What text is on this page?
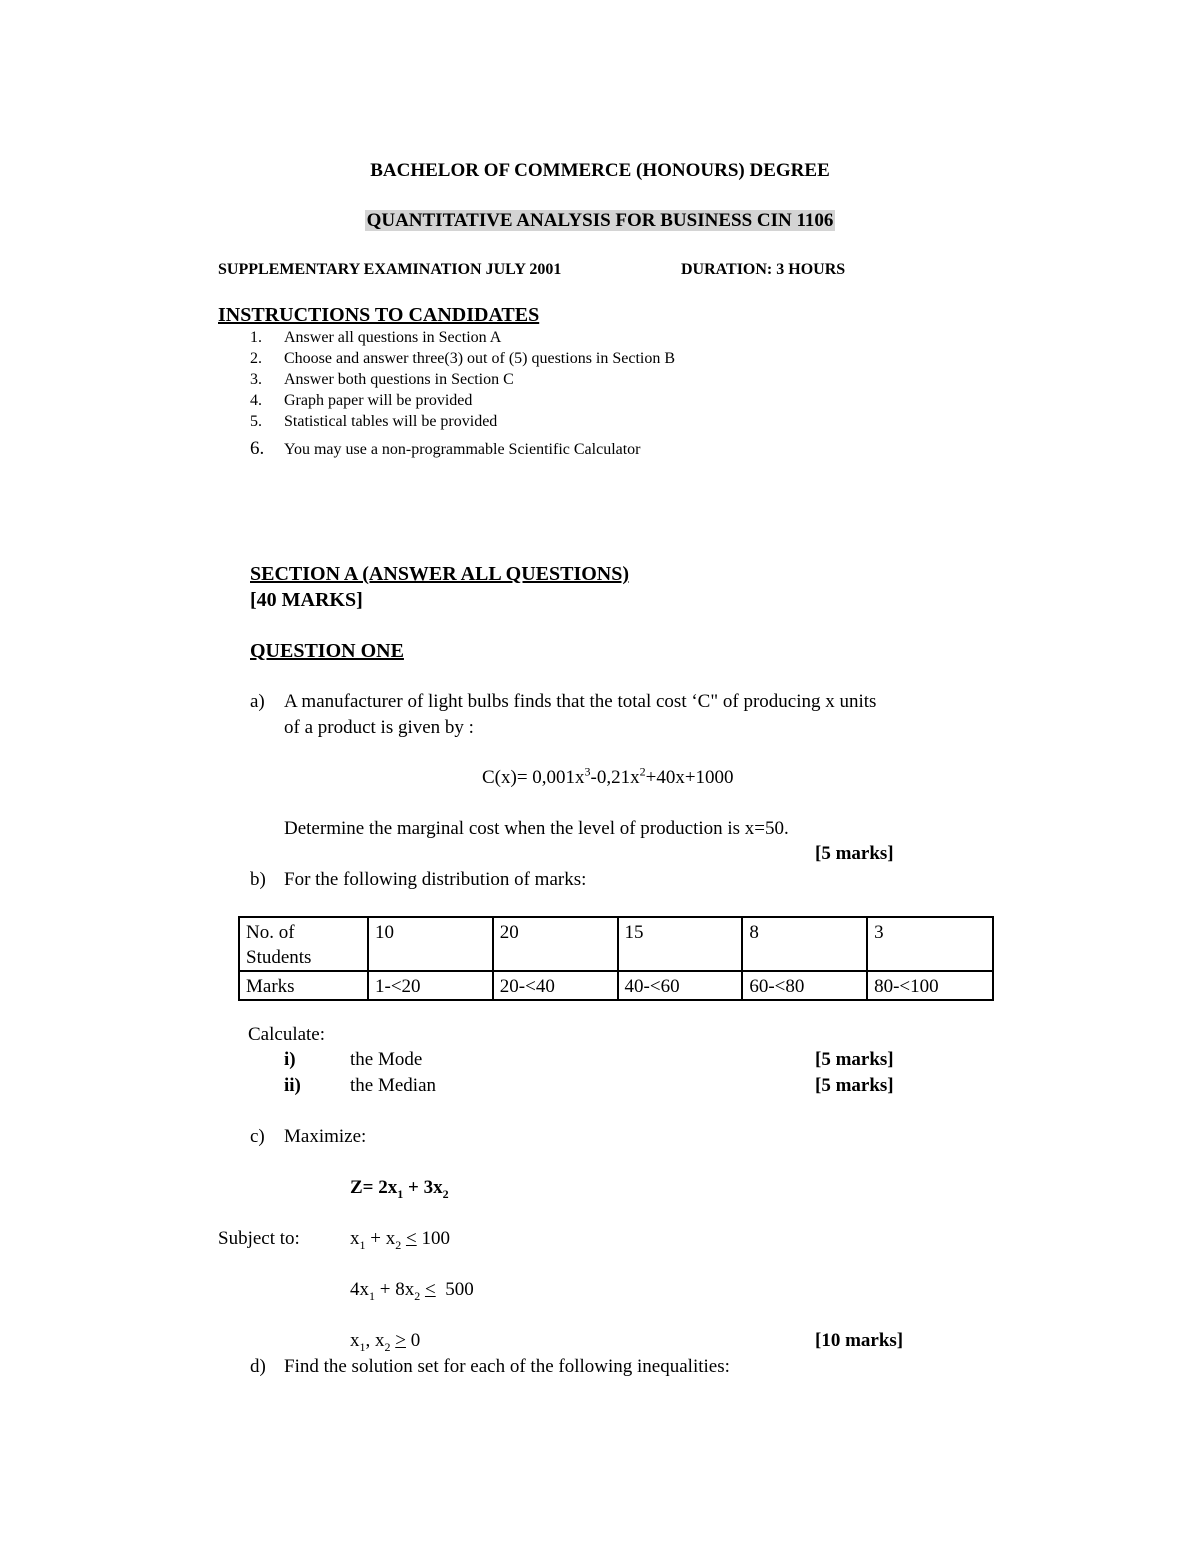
BACHELOR OF COMMERCE (HONOURS) DEGREE
QUANTITATIVE ANALYSIS FOR BUSINESS CIN 1106
SUPPLEMENTARY EXAMINATION JULY 2001	DURATION: 3 HOURS
INSTRUCTIONS TO CANDIDATES
1. Answer all questions in Section A
2. Choose and answer three(3) out of (5) questions in Section B
3. Answer both questions in Section C
4. Graph paper will be provided
5. Statistical tables will be provided
6. You may use a non-programmable Scientific Calculator
SECTION A (ANSWER ALL QUESTIONS)
[40 MARKS]
QUESTION ONE
a) A manufacturer of light bulbs finds that the total cost ‘C" of producing x units
of a product is given by :
$C(x)= 0,001x^3-0,21x^2+40x+1000$
Determine the marginal cost when the level of production is x=50.
[5 marks]
b) For the following distribution of marks:
No. of Students	10	20	15	8	3
Marks	1-<20	20-<40	40-<60	60-<80	80-<100
Calculate:
i)	the Mode	[5 marks]
ii)	the Median	[5 marks]
c) Maximize:
$Z= 2x_1 + 3x_2$
Subject to:	$x_1 + x_2 < 100$
$4x_1 + 8x_2 < 500$
$x_1$, $x_2 > 0$	[10 marks]
d) Find the solution set for each of the following inequalities:
